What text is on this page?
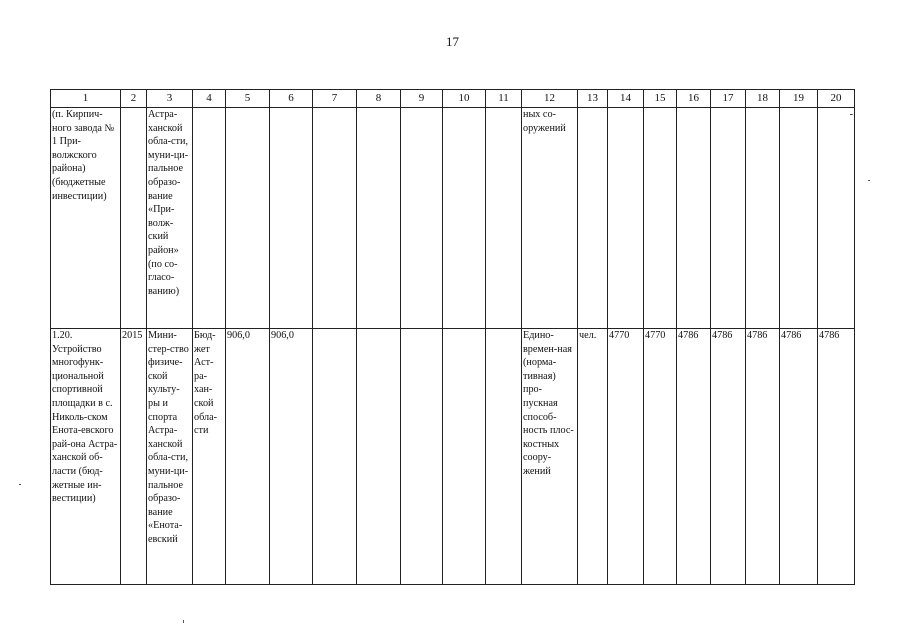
17
1	2	3	4	5	6	7	8	9	10	11	12	13	14	15	16	17	18	19	20
(п. Кирпич-ного завода № 1 При-волжского района) (бюджетные инвестиции)		Астра-ханской обла-сти, муни-ци-пальное образо-вание «При-волж-ский район» (по со-гласо-ванию)									ных со-оружений								-
1.20. Устройство многофунк-циональной спортивной площадки в с. Николь-ском Енота-евского рай-она Астра-ханской об-ласти (бюд-жетные ин-вестиции)	2015	Мини-стер-ство физиче-ской культу-ры и спорта Астра-ханской обла-сти, муни-ци-пальное образо-вание «Енота-евский	Бюд-жет Аст-ра-хан-ской обла-сти	906,0	906,0						Едино-времен-ная (норма-тивная) про-пускная способ-ность плос-костных соору-жений	чел.	4770	4770	4786	4786	4786	4786	4786
